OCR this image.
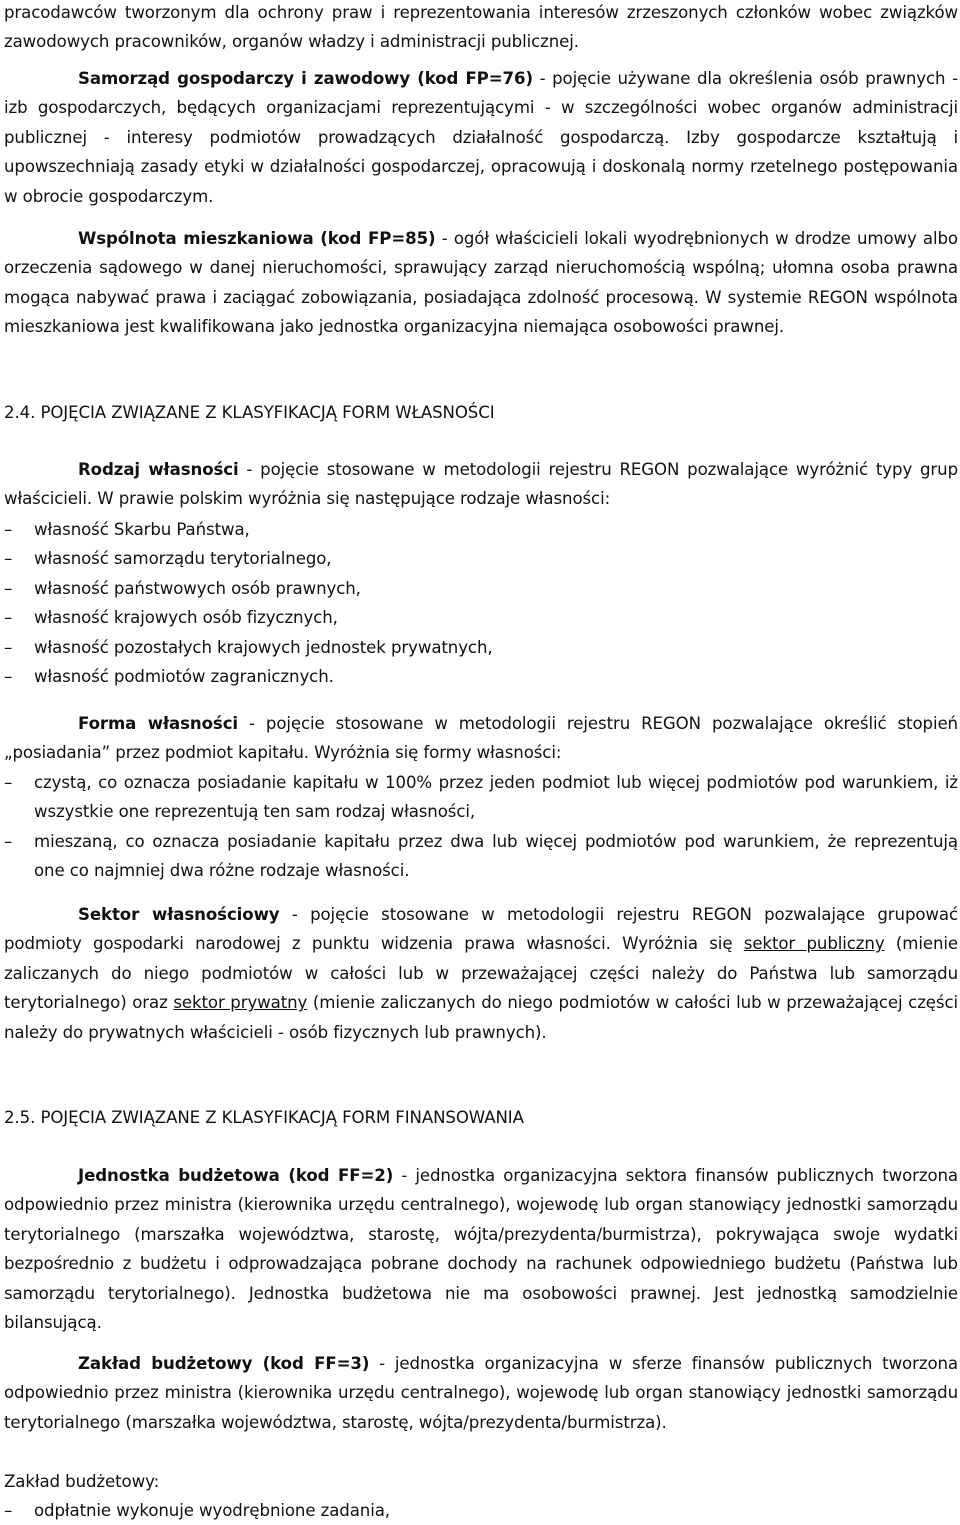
pracodawców tworzonym dla ochrony praw i reprezentowania interesów zrzeszonych członków wobec związków zawodowych pracowników, organów władzy i administracji publicznej.
Samorząd gospodarczy i zawodowy (kod FP=76) - pojęcie używane dla określenia osób prawnych - izb gospodarczych, będących organizacjami reprezentującymi - w szczególności wobec organów administracji publicznej - interesy podmiotów prowadzących działalność gospodarczą. Izby gospodarcze kształtują i upowszechniają zasady etyki w działalności gospodarczej, opracowują i doskonalą normy rzetelnego postępowania w obrocie gospodarczym.
Wspólnota mieszkaniowa (kod FP=85) - ogół właścicieli lokali wyodrębnionych w drodze umowy albo orzeczenia sądowego w danej nieruchomości, sprawujący zarząd nieruchomością wspólną; ułomna osoba prawna mogąca nabywać prawa i zaciągać zobowiązania, posiadająca zdolność procesową. W systemie REGON wspólnota mieszkaniowa jest kwalifikowana jako jednostka organizacyjna niemająca osobowości prawnej.
2.4. POJĘCIA ZWIĄZANE Z KLASYFIKACJĄ FORM WŁASNOŚCI
Rodzaj własności - pojęcie stosowane w metodologii rejestru REGON pozwalające wyróżnić typy grup właścicieli. W prawie polskim wyróżnia się następujące rodzaje własności:
– własność Skarbu Państwa,
– własność samorządu terytorialnego,
– własność państwowych osób prawnych,
– własność krajowych osób fizycznych,
– własność pozostałych krajowych jednostek prywatnych,
– własność podmiotów zagranicznych.
Forma własności - pojęcie stosowane w metodologii rejestru REGON pozwalające określić stopień „posiadania” przez podmiot kapitału. Wyróżnia się formy własności:
– czystą, co oznacza posiadanie kapitału w 100% przez jeden podmiot lub więcej podmiotów pod warunkiem, iż wszystkie one reprezentują ten sam rodzaj własności,
– mieszaną, co oznacza posiadanie kapitału przez dwa lub więcej podmiotów pod warunkiem, że reprezentują one co najmniej dwa różne rodzaje własności.
Sektor własnościowy - pojęcie stosowane w metodologii rejestru REGON pozwalające grupować podmioty gospodarki narodowej z punktu widzenia prawa własności. Wyróżnia się sektor publiczny (mienie zaliczanych do niego podmiotów w całości lub w przeważającej części należy do Państwa lub samorządu terytorialnego) oraz sektor prywatny (mienie zaliczanych do niego podmiotów w całości lub w przeważającej części należy do prywatnych właścicieli - osób fizycznych lub prawnych).
2.5. POJĘCIA ZWIĄZANE Z KLASYFIKACJĄ FORM FINANSOWANIA
Jednostka budżetowa (kod FF=2) - jednostka organizacyjna sektora finansów publicznych tworzona odpowiednio przez ministra (kierownika urzędu centralnego), wojewodę lub organ stanowiący jednostki samorządu terytorialnego (marszałka województwa, starostę, wójta/prezydenta/burmistrza), pokrywająca swoje wydatki bezpośrednio z budżetu i odprowadzająca pobrane dochody na rachunek odpowiedniego budżetu (Państwa lub samorządu terytorialnego). Jednostka budżetowa nie ma osobowości prawnej. Jest jednostką samodzielnie bilansującą.
Zakład budżetowy (kod FF=3) - jednostka organizacyjna w sferze finansów publicznych tworzona odpowiednio przez ministra (kierownika urzędu centralnego), wojewodę lub organ stanowiący jednostki samorządu terytorialnego (marszałka województwa, starostę, wójta/prezydenta/burmistrza).
Zakład budżetowy:
– odpłatnie wykonuje wyodrębnione zadania,
